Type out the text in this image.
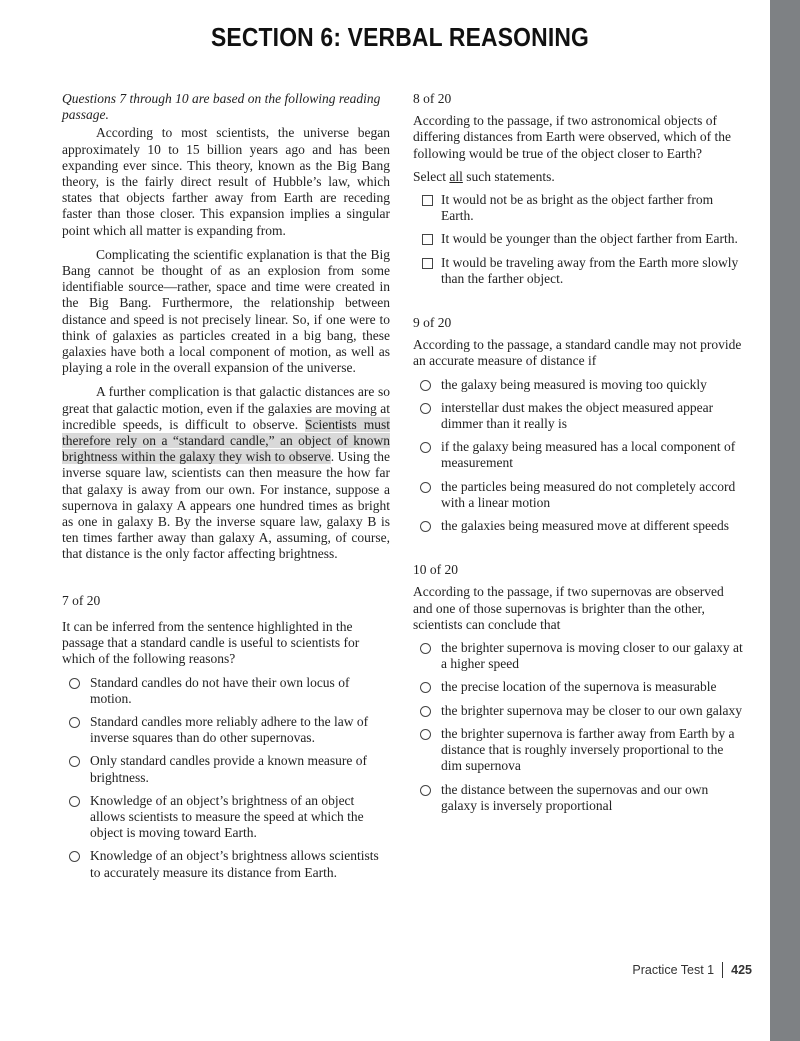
SECTION 6: VERBAL REASONING

Questions 7 through 10 are based on the following reading passage.

According to most scientists, the universe began approximately 10 to 15 billion years ago and has been expanding ever since. This theory, known as the Big Bang theory, is the fairly direct result of Hubble’s law, which states that objects farther away from Earth are receding faster than those closer. This expansion implies a singular point which all matter is expanding from.

Complicating the scientific explanation is that the Big Bang cannot be thought of as an explosion from some identifiable source—rather, space and time were created in the Big Bang. Furthermore, the relationship between distance and speed is not precisely linear. So, if one were to think of galaxies as particles created in a big bang, these galaxies have both a local component of motion, as well as playing a role in the overall expansion of the universe.

A further complication is that galactic distances are so great that galactic motion, even if the galaxies are moving at incredible speeds, is difficult to observe. Scientists must therefore rely on a “standard candle,” an object of known brightness within the galaxy they wish to observe. Using the inverse square law, scientists can then measure the how far that galaxy is away from our own. For instance, suppose a supernova in galaxy A appears one hundred times as bright as one in galaxy B. By the inverse square law, galaxy B is ten times farther away than galaxy A, assuming, of course, that distance is the only factor affecting brightness.

7 of 20

It can be inferred from the sentence highlighted in the passage that a standard candle is useful to scientists for which of the following reasons?

Standard candles do not have their own locus of motion.
Standard candles more reliably adhere to the law of inverse squares than do other supernovas.
Only standard candles provide a known measure of brightness.
Knowledge of an object’s brightness of an object allows scientists to measure the speed at which the object is moving toward Earth.
Knowledge of an object’s brightness allows scientists to accurately measure its distance from Earth.

8 of 20

According to the passage, if two astronomical objects of differing distances from Earth were observed, which of the following would be true of the object closer to Earth?

Select all such statements.

It would not be as bright as the object farther from Earth.
It would be younger than the object farther from Earth.
It would be traveling away from the Earth more slowly than the farther object.

9 of 20

According to the passage, a standard candle may not provide an accurate measure of distance if

the galaxy being measured is moving too quickly
interstellar dust makes the object measured appear dimmer than it really is
if the galaxy being measured has a local component of measurement
the particles being measured do not completely accord with a linear motion
the galaxies being measured move at different speeds

10 of 20

According to the passage, if two supernovas are observed and one of those supernovas is brighter than the other, scientists can conclude that

the brighter supernova is moving closer to our galaxy at a higher speed
the precise location of the supernova is measurable
the brighter supernova may be closer to our own galaxy
the brighter supernova is farther away from Earth by a distance that is roughly inversely proportional to the dim supernova
the distance between the supernovas and our own galaxy is inversely proportional
Practice Test 1 425
